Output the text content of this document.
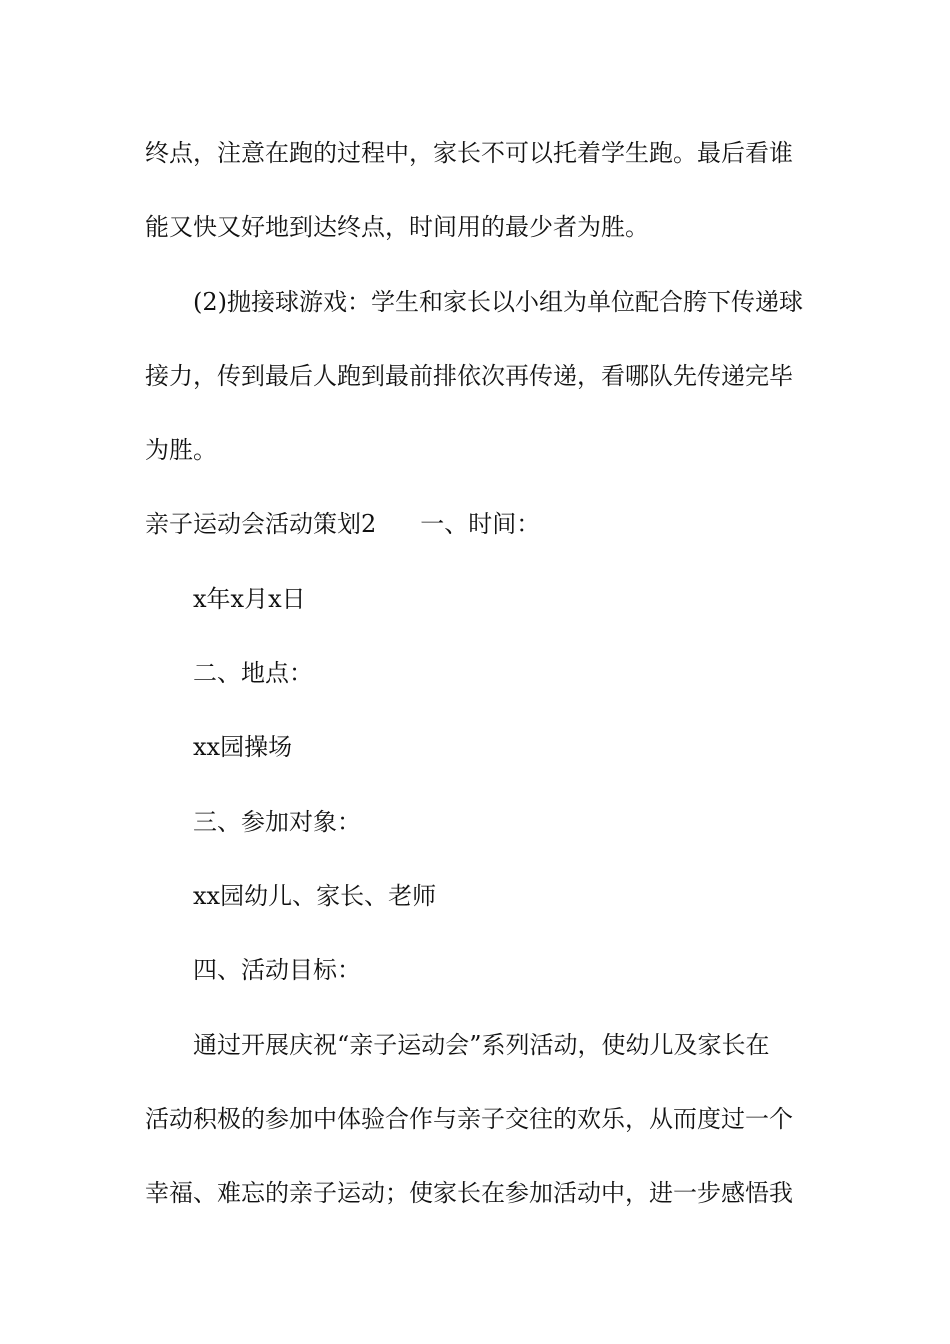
终点，注意在跑的过程中，家长不可以托着学生跑。最后看谁
能又快又好地到达终点，时间用的最少者为胜。
(2)抛接球游戏：学生和家长以小组为单位配合胯下传递球
接力，传到最后人跑到最前排依次再传递，看哪队先传递完毕
为胜。
亲子运动会活动策划2 一、时间：
x年x月x日
二、地点：
xx园操场
三、参加对象：
xx园幼儿、家长、老师
四、活动目标：
通过开展庆祝“亲子运动会”系列活动，使幼儿及家长在
活动积极的参加中体验合作与亲子交往的欢乐，从而度过一个
幸福、难忘的亲子运动；使家长在参加活动中，进一步感悟我
